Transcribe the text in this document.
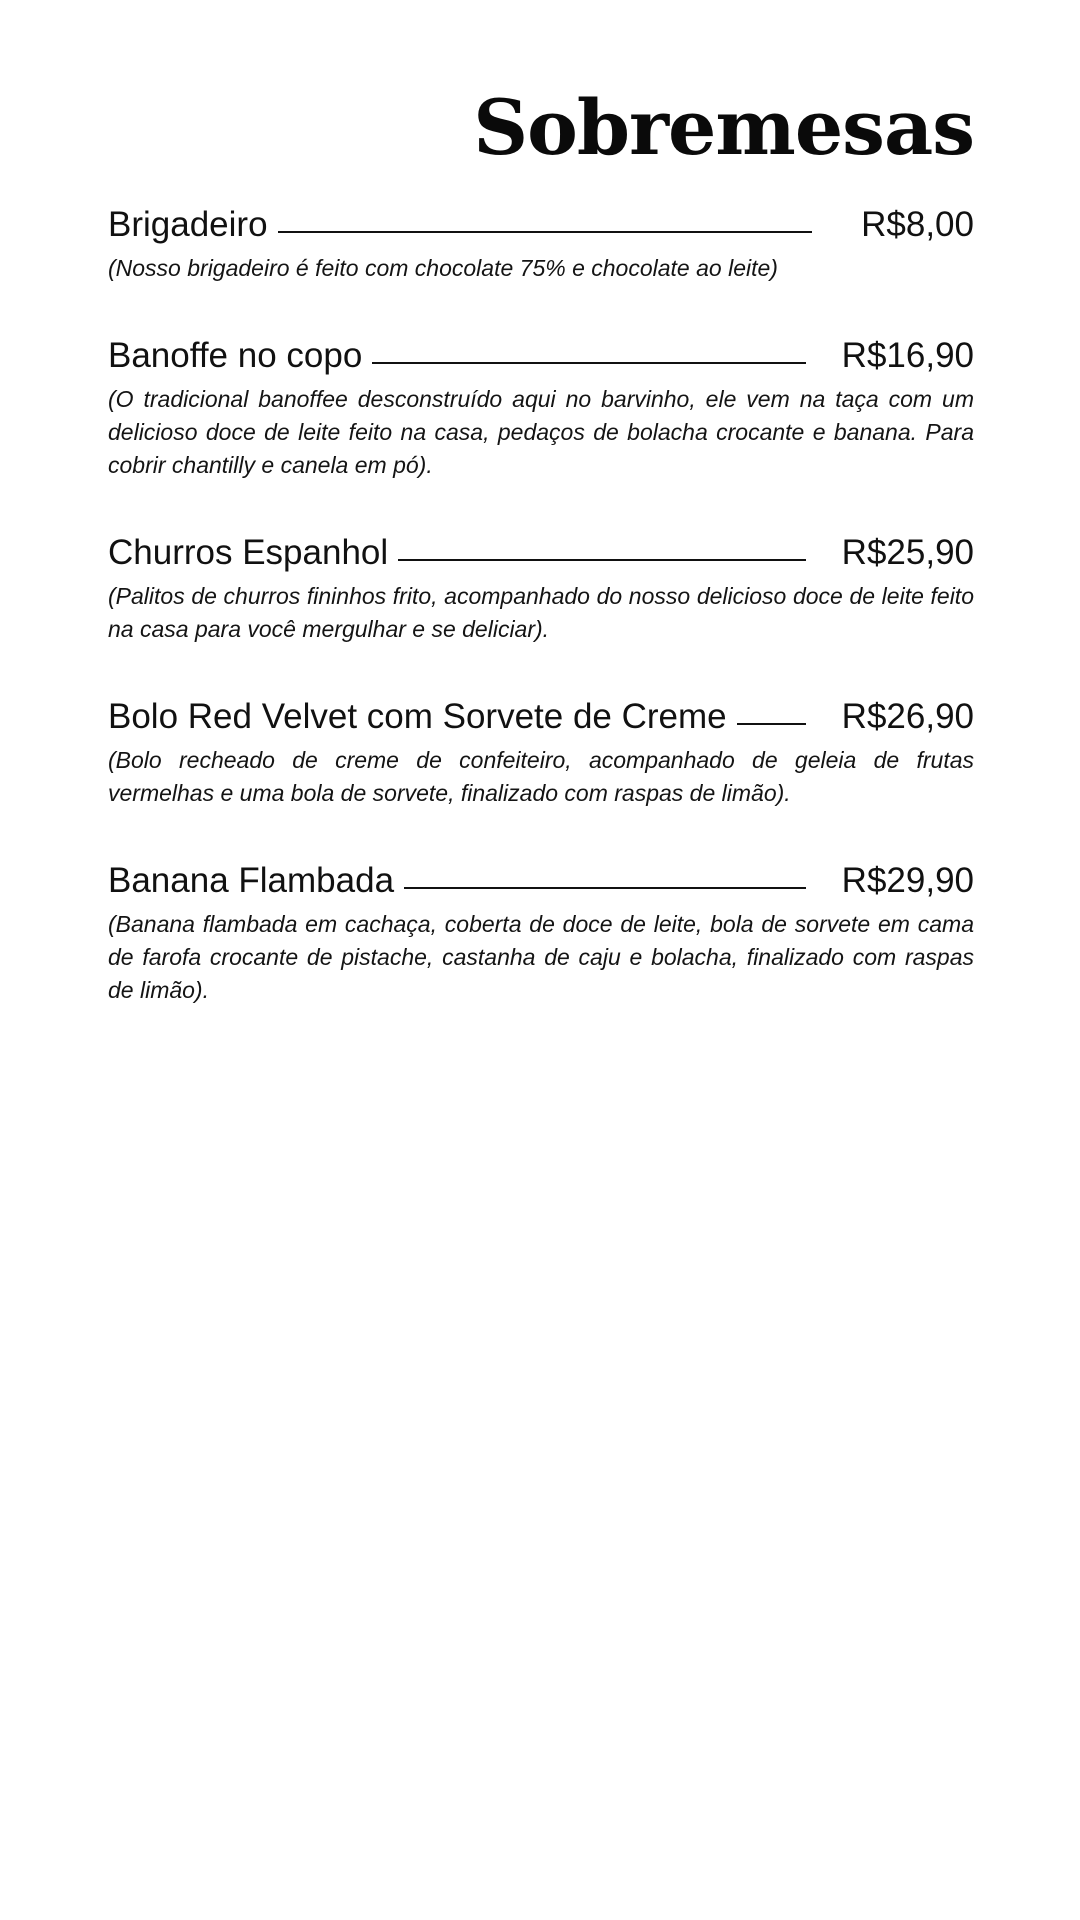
Sobremesas
Brigadeiro	R$8,00
(Nosso brigadeiro é feito com chocolate 75% e chocolate ao leite)
Banoffe no copo	R$16,90
(O tradicional banoffee desconstruído aqui no barvinho, ele vem na taça com um delicioso doce de leite feito na casa, pedaços de bolacha crocante e banana. Para cobrir chantilly e canela em pó).
Churros Espanhol	R$25,90
(Palitos de churros fininhos frito, acompanhado do nosso delicioso doce de leite feito na casa para você mergulhar e se deliciar).
Bolo Red Velvet com Sorvete de Creme	R$26,90
(Bolo recheado de creme de confeiteiro, acompanhado de geleia de frutas vermelhas e uma bola de sorvete, finalizado com raspas de limão).
Banana Flambada	R$29,90
(Banana flambada em cachaça, coberta de doce de leite, bola de sorvete em cama de farofa crocante de pistache, castanha de caju e bolacha, finalizado com raspas de limão).
